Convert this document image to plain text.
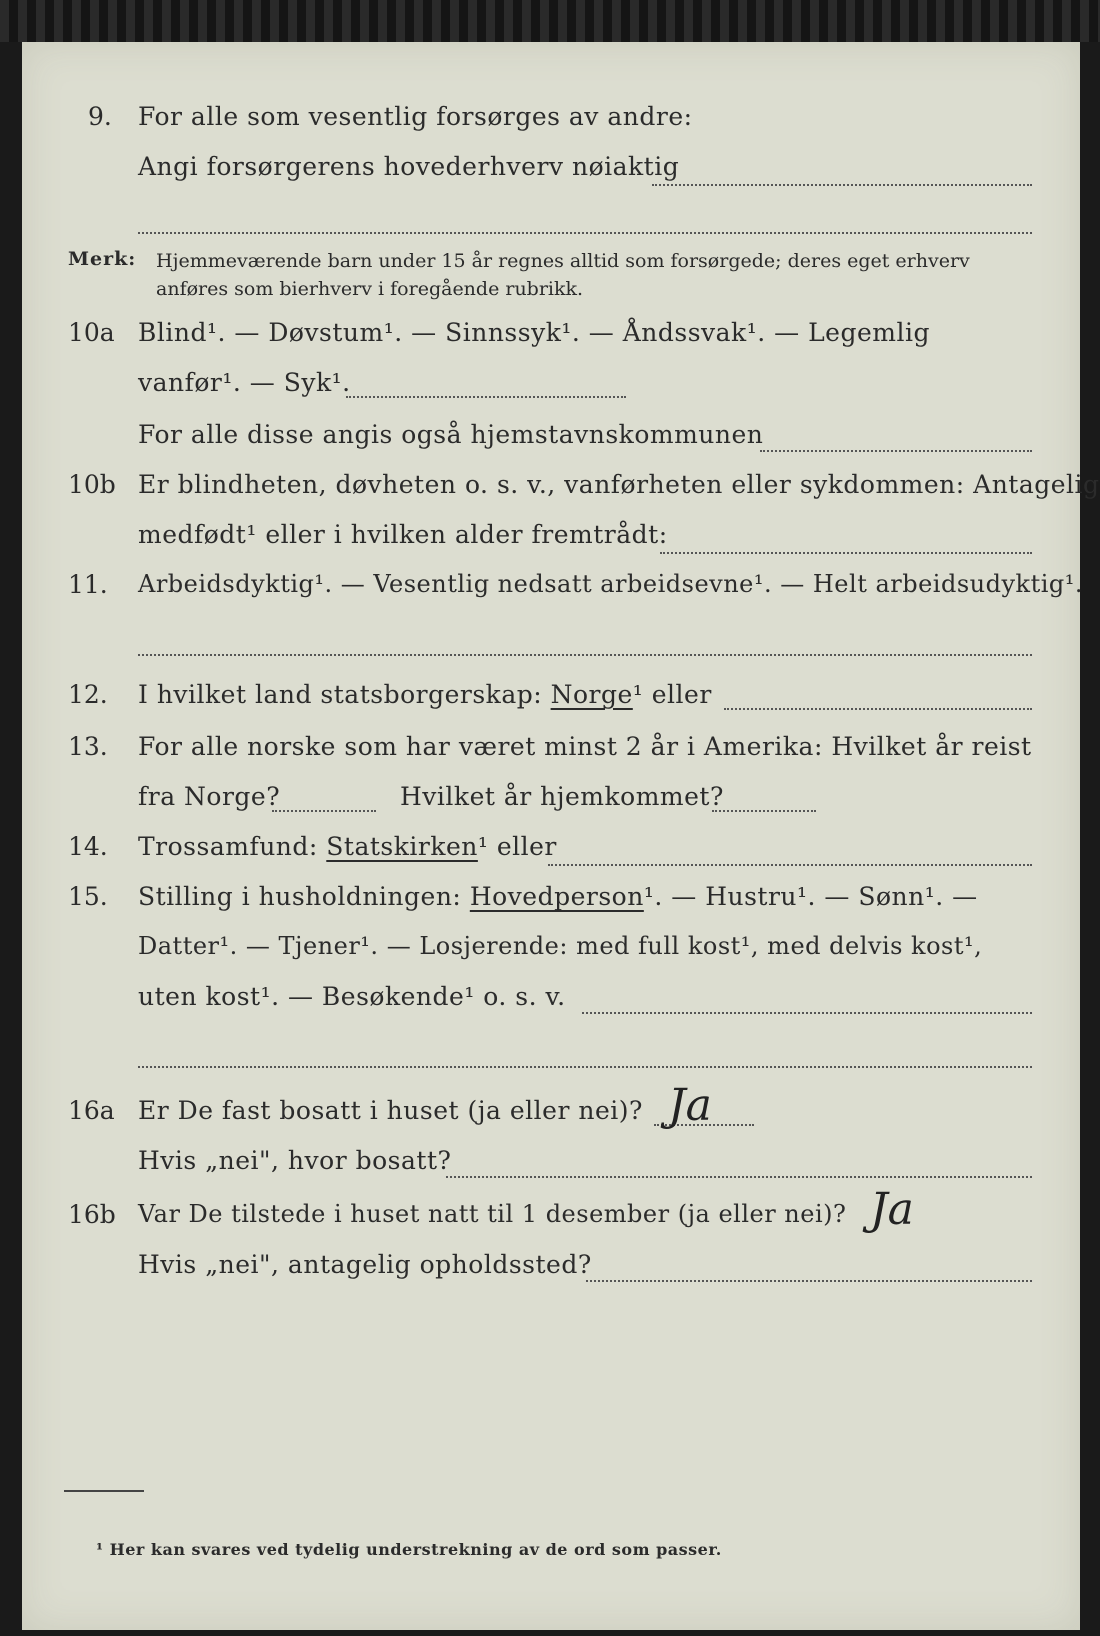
9. For alle som vesentlig forsørges av andre:
Angi forsørgerens hovederhverv nøiaktig
Merk: Hjemmeværende barn under 15 år regnes alltid som forsørgede; deres eget erhverv
anføres som bierhverv i foregående rubrikk.
10a Blind¹. — Døvstum¹. — Sinnssyk¹. — Åndssvak¹. — Legemlig
vanfør¹. — Syk¹.
For alle disse angis også hjemstavnskommunen
10b Er blindheten, døvheten o. s. v., vanførheten eller sykdommen: Antagelig
medfødt¹ eller i hvilken alder fremtrådt:
11. Arbeidsdyktig¹. — Vesentlig nedsatt arbeidsevne¹. — Helt arbeidsudyktig¹.
12. I hvilket land statsborgerskap: Norge¹ eller
13. For alle norske som har været minst 2 år i Amerika: Hvilket år reist
fra Norge?	Hvilket år hjemkommet?
14. Trossamfund: Statskirken¹ eller
15. Stilling i husholdningen: Hovedperson¹. — Hustru¹. — Sønn¹. —
Datter¹. — Tjener¹. — Losjerende: med full kost¹, med delvis kost¹,
uten kost¹. — Besøkende¹ o. s. v.
16a Er De fast bosatt i huset (ja eller nei)? Ja
Hvis „nei", hvor bosatt?
16b Var De tilstede i huset natt til 1 desember (ja eller nei)? Ja
Hvis „nei", antagelig opholdssted?
¹ Her kan svares ved tydelig understrekning av de ord som passer.
